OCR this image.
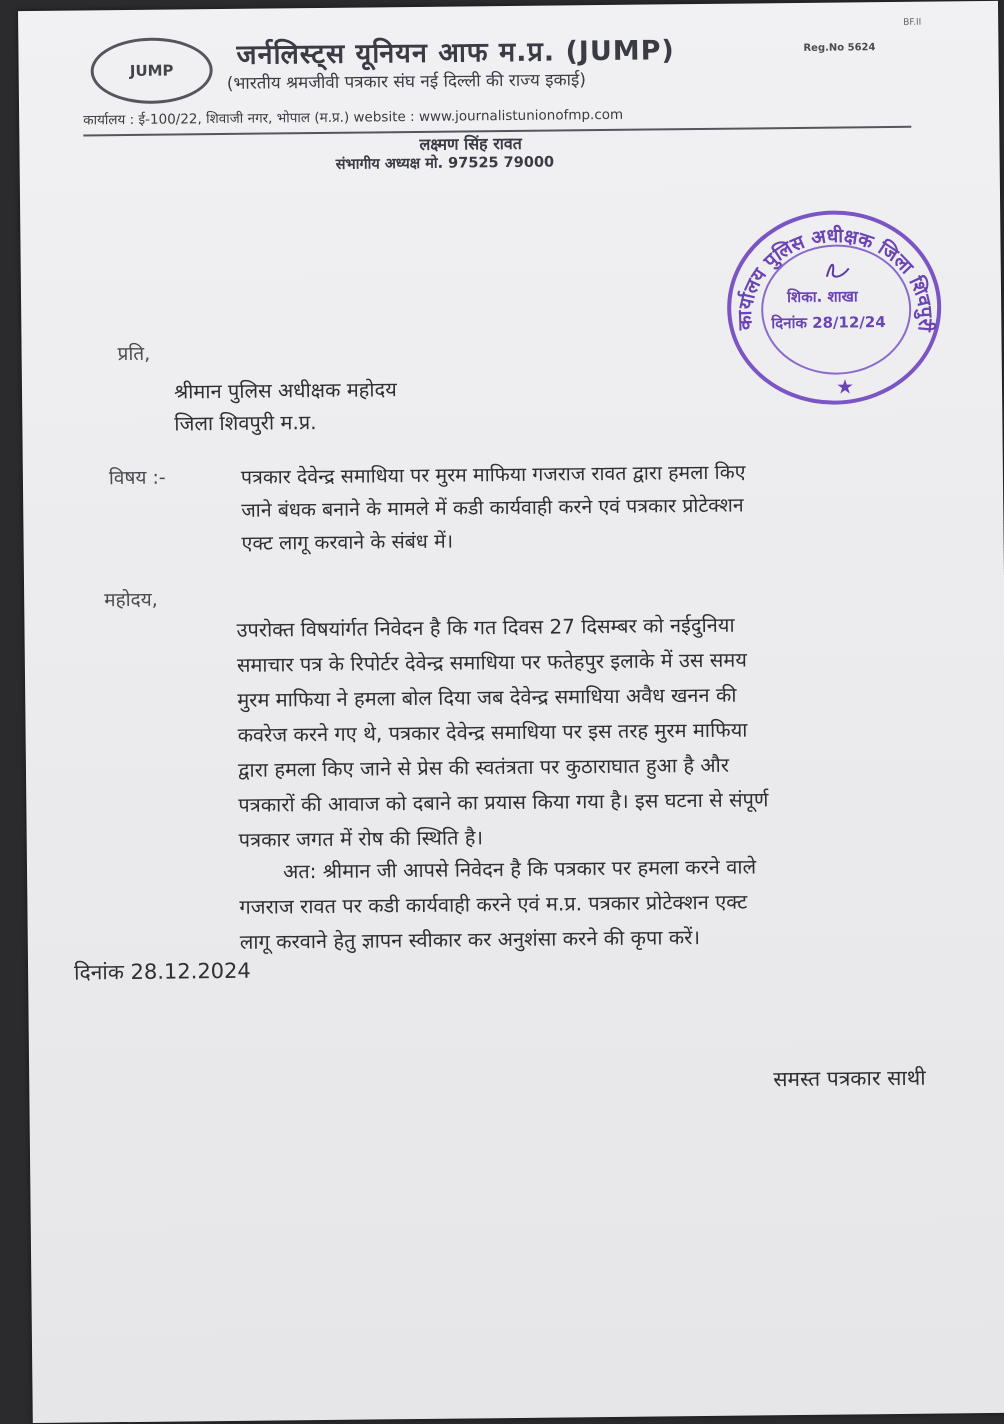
JUMP जर्नलिस्ट्स यूनियन आफ म.प्र. (JUMP)	Reg.No 5624
BF.II
(भारतीय श्रमजीवी पत्रकार संघ नई दिल्ली की राज्य इकाई)
कार्यालय : ई-100/22, शिवाजी नगर, भोपाल (म.प्र.) website : www.journalistunionofmp.com
लक्ष्मण सिंह रावत
संभागीय अध्यक्ष मो. 97525 79000
कार्यालय पुलिस अधीक्षक जिला शिवपुरी
शिका. शाखा
दिनांक 28/12/24
★
प्रति,
श्रीमान पुलिस अधीक्षक महोदय
जिला शिवपुरी म.प्र.
विषय :-	पत्रकार देवेन्द्र समाधिया पर मुरम माफिया गजराज रावत द्वारा हमला किए
जाने बंधक बनाने के मामले में कडी कार्यवाही करने एवं पत्रकार प्रोटेक्शन
एक्ट लागू करवाने के संबंध में।
महोदय,
उपरोक्त विषयांर्गत निवेदन है कि गत दिवस 27 दिसम्बर को नईदुनिया
समाचार पत्र के रिपोर्टर देवेन्द्र समाधिया पर फतेहपुर इलाके में उस समय
मुरम माफिया ने हमला बोल दिया जब देवेन्द्र समाधिया अवैध खनन की
कवरेज करने गए थे, पत्रकार देवेन्द्र समाधिया पर इस तरह मुरम माफिया
द्वारा हमला किए जाने से प्रेस की स्वतंत्रता पर कुठाराघात हुआ है और
पत्रकारों की आवाज को दबाने का प्रयास किया गया है। इस घटना से संपूर्ण
पत्रकार जगत में रोष की स्थिति है।
अत: श्रीमान जी आपसे निवेदन है कि पत्रकार पर हमला करने वाले
गजराज रावत पर कडी कार्यवाही करने एवं म.प्र. पत्रकार प्रोटेक्शन एक्ट
लागू करवाने हेतु ज्ञापन स्वीकार कर अनुशंसा करने की कृपा करें।
दिनांक 28.12.2024
समस्त पत्रकार साथी
